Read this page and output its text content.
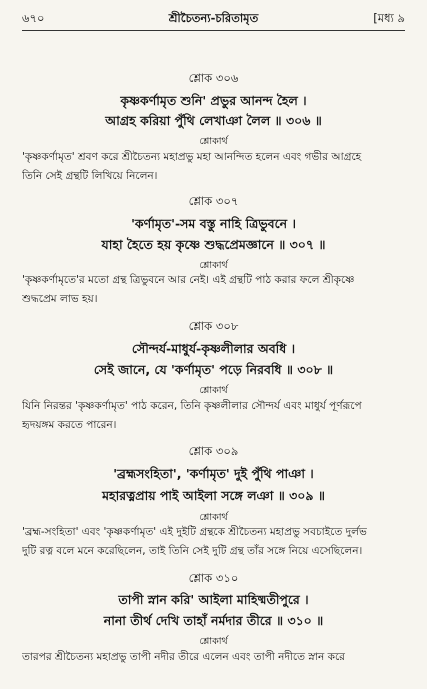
৬৭০	শ্রীচৈতন্য-চরিতামৃত	[মধ্য ৯
শ্লোক ৩০৬
কৃষ্ণকর্ণামৃত শুনি' প্রভুর আনন্দ হৈল ।
আগ্রহ করিয়া পুঁথি লেখাঞা লৈল ॥ ৩০৬ ॥
শ্লোকার্থ
'কৃষ্ণকর্ণামৃত' শ্রবণ করে শ্রীচৈতন্য মহাপ্রভু মহা আনন্দিত হলেন এবং গভীর আগ্রহে
তিনি সেই গ্রন্থটি লিখিয়ে নিলেন।
শ্লোক ৩০৭
'কর্ণামৃত'-সম বস্তু নাহি ত্রিভুবনে ।
যাহা হৈতে হয় কৃষ্ণে শুদ্ধপ্রেমজ্ঞানে ॥ ৩০৭ ॥
শ্লোকার্থ
'কৃষ্ণকর্ণামৃতে'র মতো গ্রন্থ ত্রিভুবনে আর নেই। এই গ্রন্থটি পাঠ করার ফলে শ্রীকৃষ্ণে
শুদ্ধপ্রেম লাভ হয়।
শ্লোক ৩০৮
সৌন্দর্য-মাধুর্য-কৃষ্ণলীলার অবধি ।
সেই জানে, যে 'কর্ণামৃত' পড়ে নিরবধি ॥ ৩০৮ ॥
শ্লোকার্থ
যিনি নিরন্তর 'কৃষ্ণকর্ণামৃত' পাঠ করেন, তিনি কৃষ্ণলীলার সৌন্দর্য এবং মাধুর্য পূর্ণরূপে
হৃদয়ঙ্গম করতে পারেন।
শ্লোক ৩০৯
'ব্রহ্মসংহিতা', 'কর্ণামৃত' দুই পুঁথি পাঞা ।
মহারত্নপ্রায় পাই আইলা সঙ্গে লঞা ॥ ৩০৯ ॥
শ্লোকার্থ
'ব্রহ্ম-সংহিতা' এবং 'কৃষ্ণকর্ণামৃত' এই দুইটি গ্রন্থকে শ্রীচৈতন্য মহাপ্রভু সবচাইতে দুর্লভ
দুটি রত্ন বলে মনে করেছিলেন, তাই তিনি সেই দুটি গ্রন্থ তাঁর সঙ্গে নিয়ে এসেছিলেন।
শ্লোক ৩১০
তাপী স্নান করি' আইলা মাহিষ্মতীপুরে ।
নানা তীর্থ দেখি তাহাঁ নর্মদার তীরে ॥ ৩১০ ॥
শ্লোকার্থ
তারপর শ্রীচৈতন্য মহাপ্রভু তাপী নদীর তীরে এলেন এবং তাপী নদীতে স্নান করে
